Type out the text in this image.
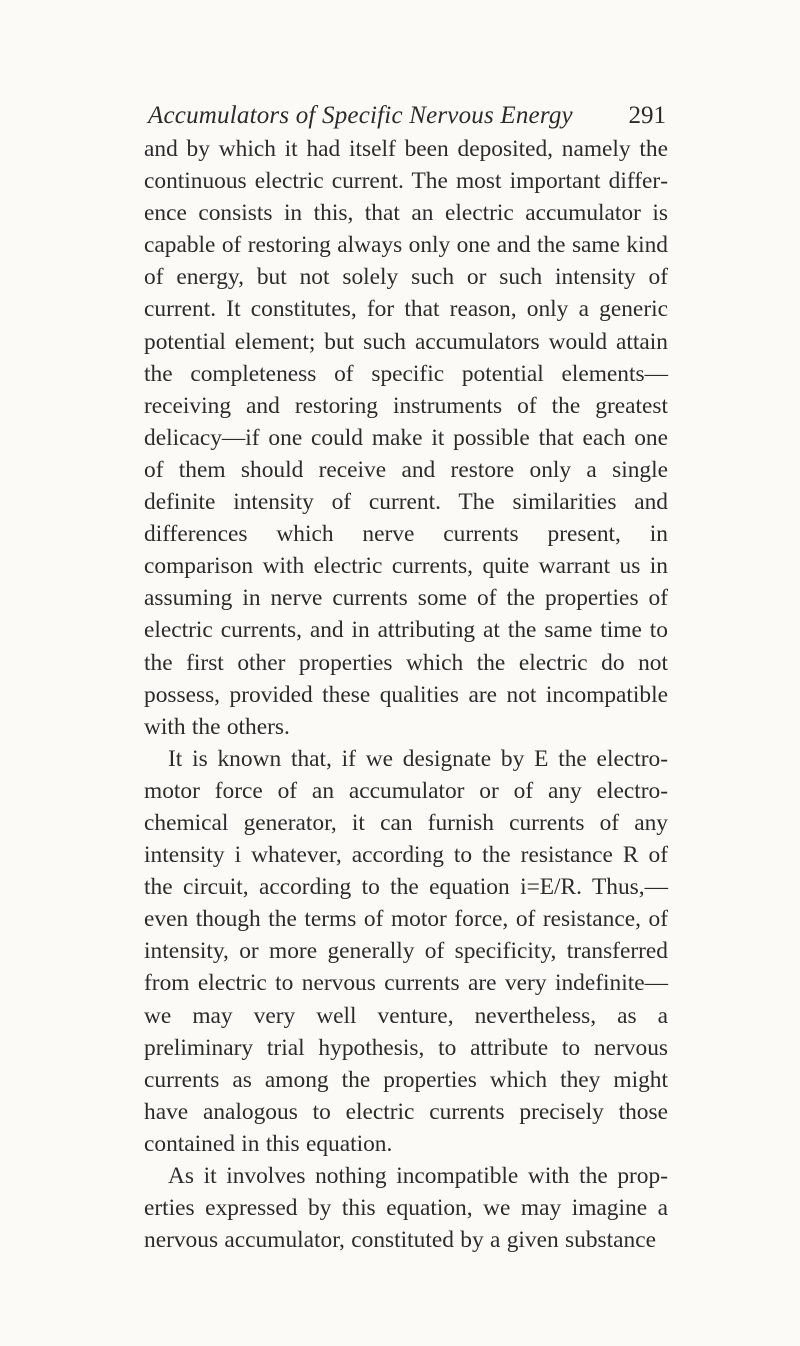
Accumulators of Specific Nervous Energy 291

and by which it had itself been deposited, namely the continuous electric current. The most important difference consists in this, that an electric accumulator is capable of restoring always only one and the same kind of energy, but not solely such or such intensity of current. It constitutes, for that reason, only a generic potential element; but such accumulators would attain the completeness of specific potential elements—receiving and restoring instruments of the greatest delicacy—if one could make it possible that each one of them should receive and restore only a single definite intensity of current. The similarities and differences which nerve currents present, in comparison with electric currents, quite warrant us in assuming in nerve currents some of the properties of electric currents, and in attributing at the same time to the first other properties which the electric do not possess, provided these qualities are not incompatible with the others.

It is known that, if we designate by E the electromotor force of an accumulator or of any electro-chemical generator, it can furnish currents of any intensity i whatever, according to the resistance R of the circuit, according to the equation i=E/R. Thus,—even though the terms of motor force, of resistance, of intensity, or more generally of specificity, transferred from electric to nervous currents are very indefinite—we may very well venture, nevertheless, as a preliminary trial hypothesis, to attribute to nervous currents as among the properties which they might have analogous to electric currents precisely those contained in this equation.

As it involves nothing incompatible with the properties expressed by this equation, we may imagine a nervous accumulator, constituted by a given substance
